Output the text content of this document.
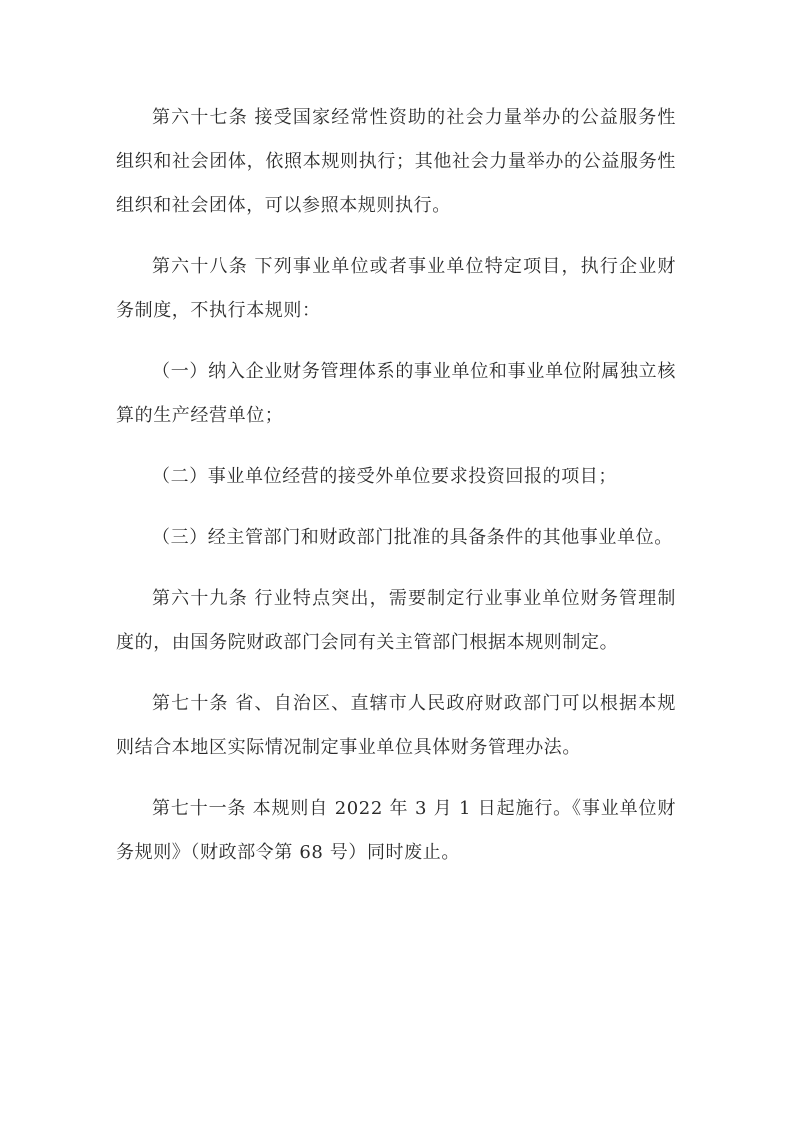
第六十七条 接受国家经常性资助的社会力量举办的公益服务性组织和社会团体，依照本规则执行；其他社会力量举办的公益服务性组织和社会团体，可以参照本规则执行。

第六十八条 下列事业单位或者事业单位特定项目，执行企业财务制度，不执行本规则：

（一）纳入企业财务管理体系的事业单位和事业单位附属独立核算的生产经营单位；

（二）事业单位经营的接受外单位要求投资回报的项目；

（三）经主管部门和财政部门批准的具备条件的其他事业单位。

第六十九条 行业特点突出，需要制定行业事业单位财务管理制度的，由国务院财政部门会同有关主管部门根据本规则制定。

第七十条 省、自治区、直辖市人民政府财政部门可以根据本规则结合本地区实际情况制定事业单位具体财务管理办法。

第七十一条 本规则自 2022 年 3 月 1 日起施行。《事业单位财务规则》（财政部令第 68 号）同时废止。
